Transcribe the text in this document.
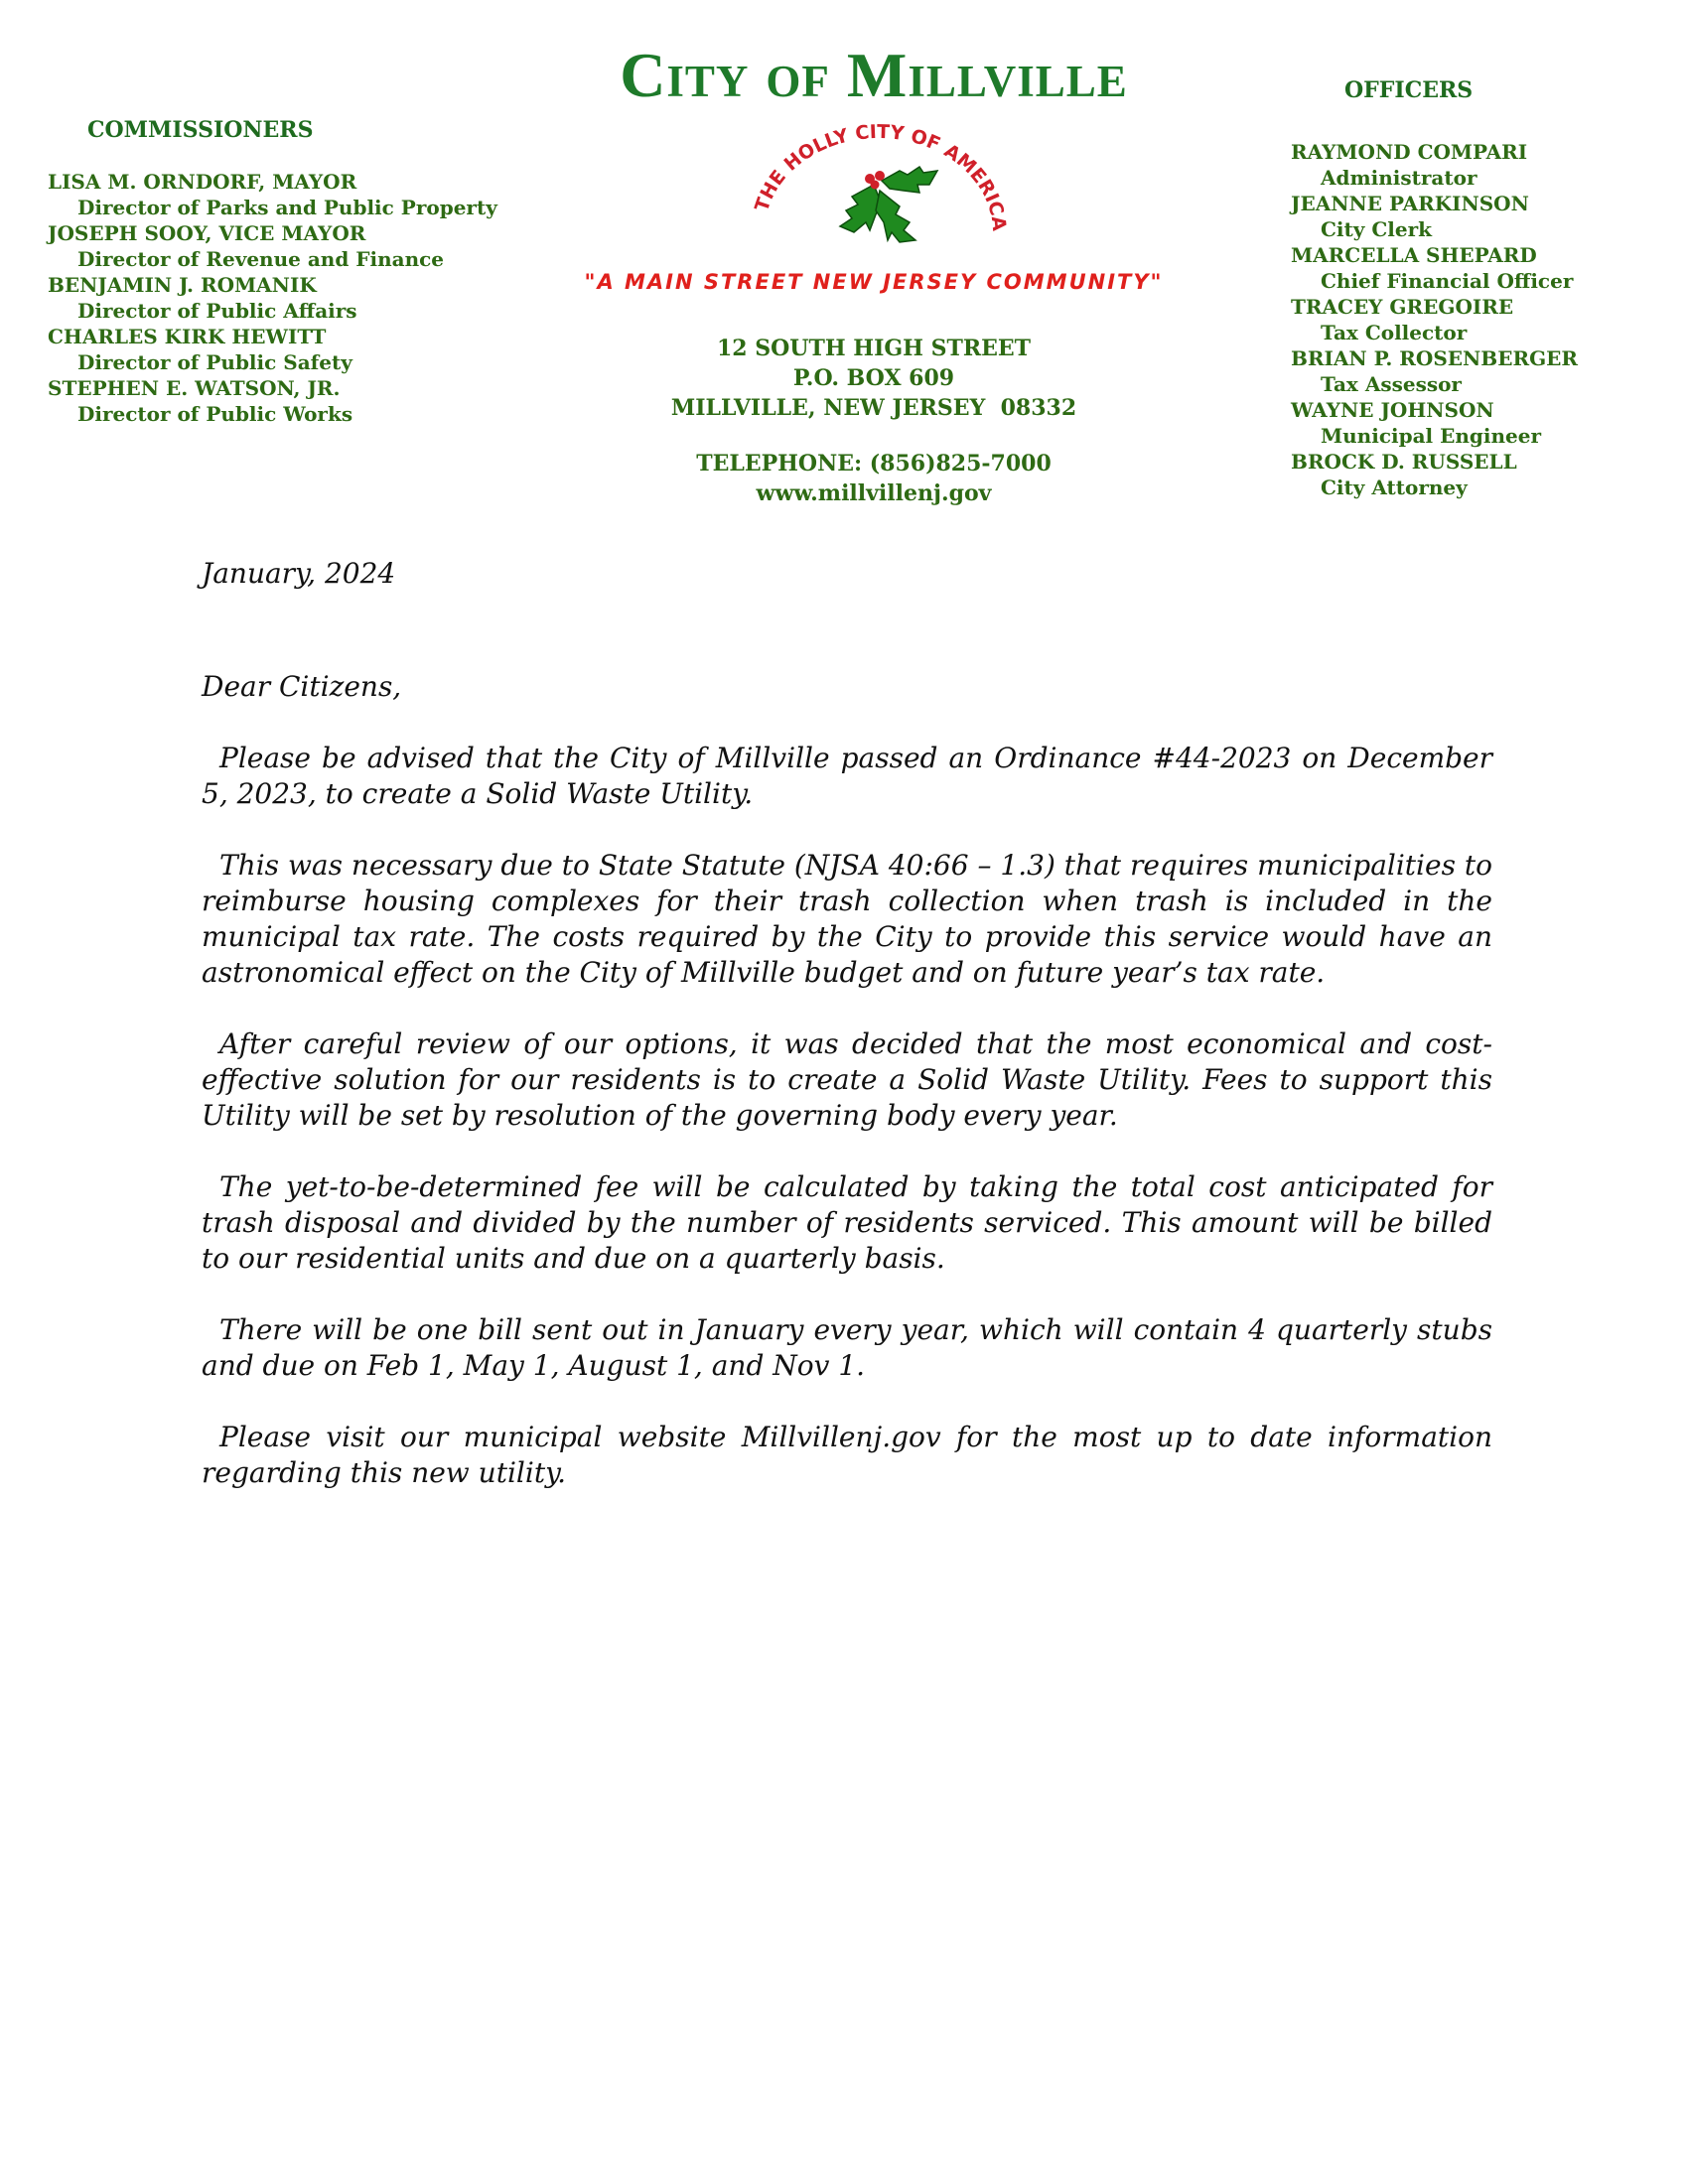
COMMISSIONERS
LISA M. ORNDORF, MAYOR
Director of Parks and Public Property
JOSEPH SOOY, VICE MAYOR
Director of Revenue and Finance
BENJAMIN J. ROMANIK
Director of Public Affairs
CHARLES KIRK HEWITT
Director of Public Safety
STEPHEN E. WATSON, JR.
Director of Public Works
City of Millville
THE HOLLY CITY OF AMERICA
"A MAIN STREET NEW JERSEY COMMUNITY"
12 SOUTH HIGH STREET
P.O. BOX 609
MILLVILLE, NEW JERSEY  08332
TELEPHONE: (856)825-7000
www.millvillenj.gov
OFFICERS
RAYMOND COMPARI
Administrator
JEANNE PARKINSON
City Clerk
MARCELLA SHEPARD
Chief Financial Officer
TRACEY GREGOIRE
Tax Collector
BRIAN P. ROSENBERGER
Tax Assessor
WAYNE JOHNSON
Municipal Engineer
BROCK D. RUSSELL
City Attorney
January, 2024
Dear Citizens,

Please be advised that the City of Millville passed an Ordinance #44-2023 on December 5, 2023, to create a Solid Waste Utility.

This was necessary due to State Statute (NJSA 40:66 – 1.3) that requires municipalities to reimburse housing complexes for their trash collection when trash is included in the municipal tax rate. The costs required by the City to provide this service would have an astronomical effect on the City of Millville budget and on future year’s tax rate.

After careful review of our options, it was decided that the most economical and cost-effective solution for our residents is to create a Solid Waste Utility. Fees to support this Utility will be set by resolution of the governing body every year.

The yet-to-be-determined fee will be calculated by taking the total cost anticipated for trash disposal and divided by the number of residents serviced. This amount will be billed to our residential units and due on a quarterly basis.

There will be one bill sent out in January every year, which will contain 4 quarterly stubs and due on Feb 1, May 1, August 1, and Nov 1.

Please visit our municipal website Millvillenj.gov for the most up to date information regarding this new utility.
